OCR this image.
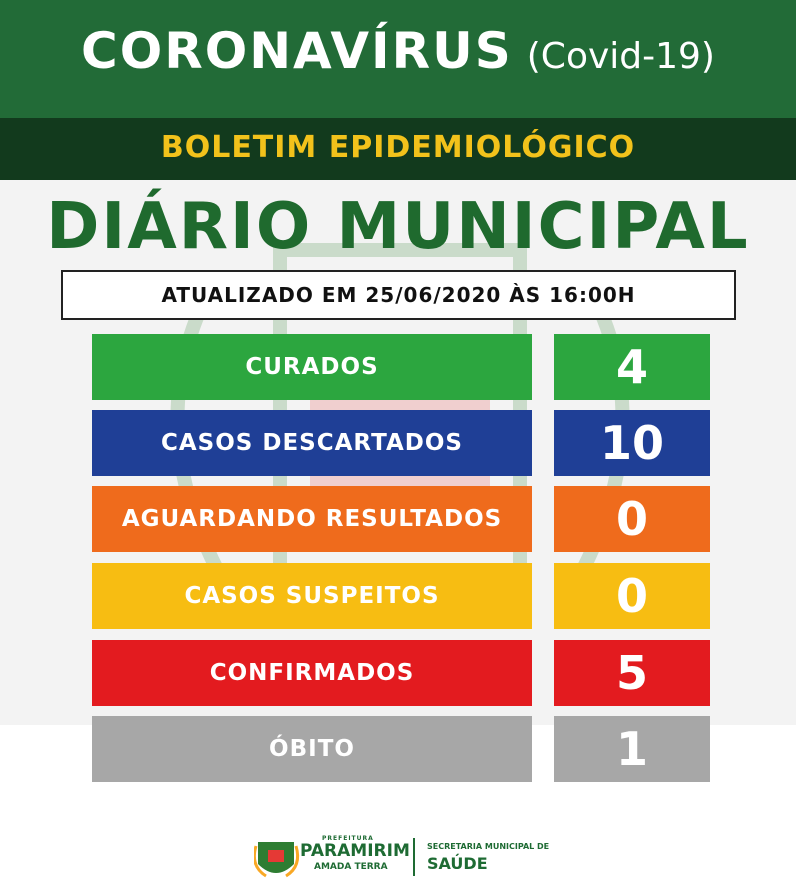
CORONAVÍRUS (Covid-19)
BOLETIM EPIDEMIOLÓGICO
DIÁRIO MUNICIPAL
ATUALIZADO EM 25/06/2020 ÀS 16:00H
CURADOS	4
CASOS DESCARTADOS	10
AGUARDANDO RESULTADOS	0
CASOS SUSPEITOS	0
CONFIRMADOS	5
ÓBITO	1
PREFEITURA
PARAMIRIM
AMADA TERRA
SECRETARIA MUNICIPAL DE
SAÚDE
